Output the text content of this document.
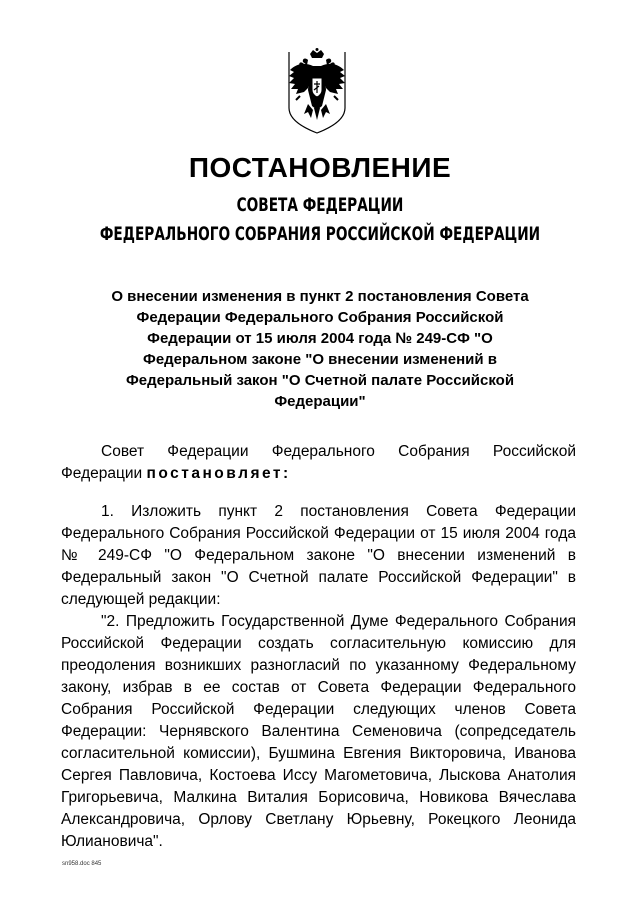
ПОСТАНОВЛЕНИЕ
СОВЕТА ФЕДЕРАЦИИ
ФЕДЕРАЛЬНОГО СОБРАНИЯ РОССИЙСКОЙ ФЕДЕРАЦИИ
О внесении изменения в пункт 2 постановления Совета Федерации Федерального Собрания Российской Федерации от 15 июля 2004 года № 249-СФ "О Федеральном законе "О внесении изменений в Федеральный закон "О Счетной палате Российской Федерации"

Совет Федерации Федерального Собрания Российской Федерации постановляет:

1. Изложить пункт 2 постановления Совета Федерации Федерального Собрания Российской Федерации от 15 июля 2004 года № 249-СФ "О Федеральном законе "О внесении изменений в Федеральный закон "О Счетной палате Российской Федерации" в следующей редакции:

"2. Предложить Государственной Думе Федерального Собрания Российской Федерации создать согласительную комиссию для преодоления возникших разногласий по указанному Федеральному закону, избрав в ее состав от Совета Федерации Федерального Собрания Российской Федерации следующих членов Совета Федерации: Чернявского Валентина Семеновича (сопредседатель согласительной комиссии), Бушмина Евгения Викторовича, Иванова Сергея Павловича, Костоева Иссу Магометовича, Лыскова Анатолия Григорьевича, Малкина Виталия Борисовича, Новикова Вячеслава Александровича, Орлову Светлану Юрьевну, Рокецкого Леонида Юлиановича".

sn958.doc 845
